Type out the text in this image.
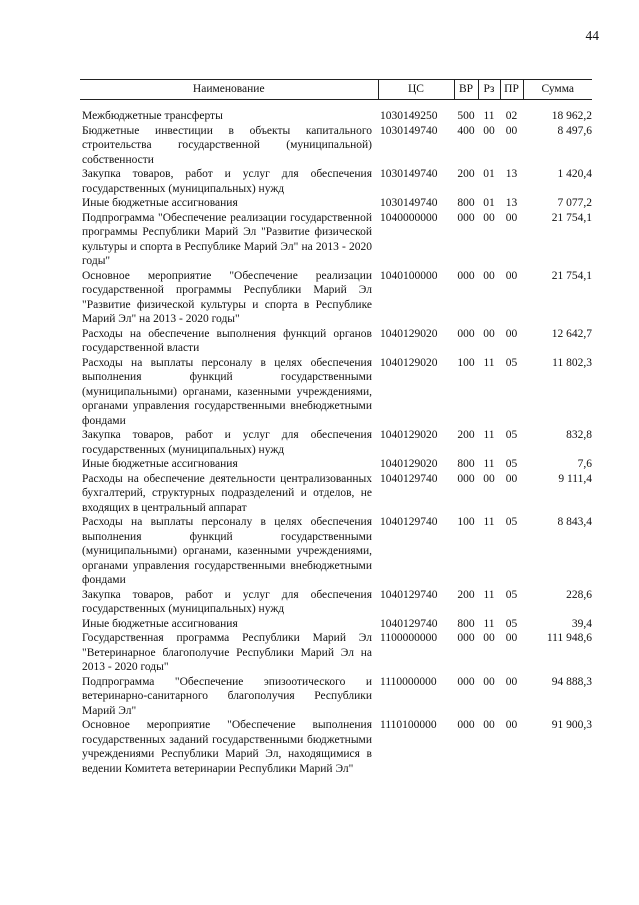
44
Наименование	ЦС	ВР	Рз	ПР	Сумма

Межбюджетные трансферты	1030149250	500	11	02	18 962,2
Бюджетные инвестиции в объекты капитального строительства государственной (муниципальной) собственности	1030149740	400	00	00	8 497,6
Закупка товаров, работ и услуг для обеспечения государственных (муниципальных) нужд	1030149740	200	01	13	1 420,4
Иные бюджетные ассигнования	1030149740	800	01	13	7 077,2
Подпрограмма "Обеспечение реализации государственной программы Республики Марий Эл "Развитие физической культуры и спорта в Республике Марий Эл" на 2013 - 2020 годы"	1040000000	000	00	00	21 754,1
Основное мероприятие "Обеспечение реализации государственной программы Республики Марий Эл "Развитие физической культуры и спорта в Республике Марий Эл" на 2013 - 2020 годы"	1040100000	000	00	00	21 754,1
Расходы на обеспечение выполнения функций органов государственной власти	1040129020	000	00	00	12 642,7
Расходы на выплаты персоналу в целях обеспечения выполнения функций государственными (муниципальными) органами, казенными учреждениями, органами управления государственными внебюджетными фондами	1040129020	100	11	05	11 802,3
Закупка товаров, работ и услуг для обеспечения государственных (муниципальных) нужд	1040129020	200	11	05	832,8
Иные бюджетные ассигнования	1040129020	800	11	05	7,6
Расходы на обеспечение деятельности централизованных бухгалтерий, структурных подразделений и отделов, не входящих в центральный аппарат	1040129740	000	00	00	9 111,4
Расходы на выплаты персоналу в целях обеспечения выполнения функций государственными (муниципальными) органами, казенными учреждениями, органами управления государственными внебюджетными фондами	1040129740	100	11	05	8 843,4
Закупка товаров, работ и услуг для обеспечения государственных (муниципальных) нужд	1040129740	200	11	05	228,6
Иные бюджетные ассигнования	1040129740	800	11	05	39,4
Государственная программа Республики Марий Эл "Ветеринарное благополучие Республики Марий Эл на 2013 - 2020 годы"	1100000000	000	00	00	111 948,6
Подпрограмма "Обеспечение эпизоотического и ветеринарно-санитарного благополучия Республики Марий Эл"	1110000000	000	00	00	94 888,3
Основное мероприятие "Обеспечение выполнения государственных заданий государственными бюджетными учреждениями Республики Марий Эл, находящимися в ведении Комитета ветеринарии Республики Марий Эл"	1110100000	000	00	00	91 900,3
